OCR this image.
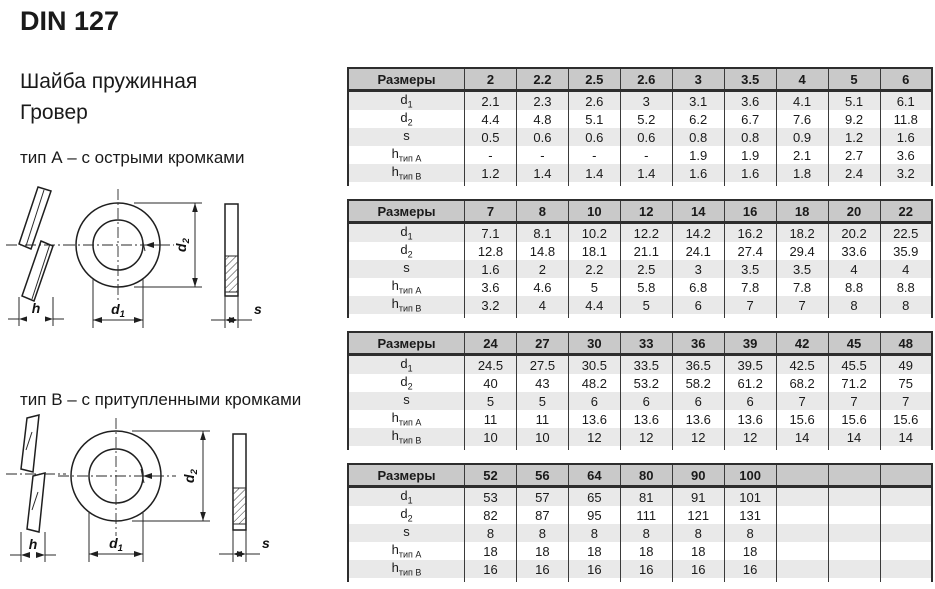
DIN 127
Шайба пружинная
Гровер
тип А – с острыми кромками
h	$d_1$
$d_2$
s
тип В – с притупленными кромками
h	$d_1$
$d_2$
s
Размеры	2	2.2	2.5	2.6	3	3.5	4	5	6
$d_1$	2.1	2.3	2.6	3	3.1	3.6	4.1	5.1	6.1
$d_2$	4.4	4.8	5.1	5.2	6.2	6.7	7.6	9.2	11.8
s	0.5	0.6	0.6	0.6	0.8	0.8	0.9	1.2	1.6
$h_{тип А}$	-	-	-	-	1.9	1.9	2.1	2.7	3.6
$h_{тип В}$	1.2	1.4	1.4	1.4	1.6	1.6	1.8	2.4	3.2

Размеры	7	8	10	12	14	16	18	20	22
$d_1$	7.1	8.1	10.2	12.2	14.2	16.2	18.2	20.2	22.5
$d_2$	12.8	14.8	18.1	21.1	24.1	27.4	29.4	33.6	35.9
s	1.6	2	2.2	2.5	3	3.5	3.5	4	4
$h_{тип А}$	3.6	4.6	5	5.8	6.8	7.8	7.8	8.8	8.8
$h_{тип В}$	3.2	4	4.4	5	6	7	7	8	8

Размеры	24	27	30	33	36	39	42	45	48
$d_1$	24.5	27.5	30.5	33.5	36.5	39.5	42.5	45.5	49
$d_2$	40	43	48.2	53.2	58.2	61.2	68.2	71.2	75
s	5	5	6	6	6	6	7	7	7
$h_{тип А}$	11	11	13.6	13.6	13.6	13.6	15.6	15.6	15.6
$h_{тип В}$	10	10	12	12	12	12	14	14	14

Размеры	52	56	64	80	90	100			
$d_1$	53	57	65	81	91	101			
$d_2$	82	87	95	111	121	131			
s	8	8	8	8	8	8			
$h_{тип А}$	18	18	18	18	18	18			
$h_{тип В}$	16	16	16	16	16	16			
